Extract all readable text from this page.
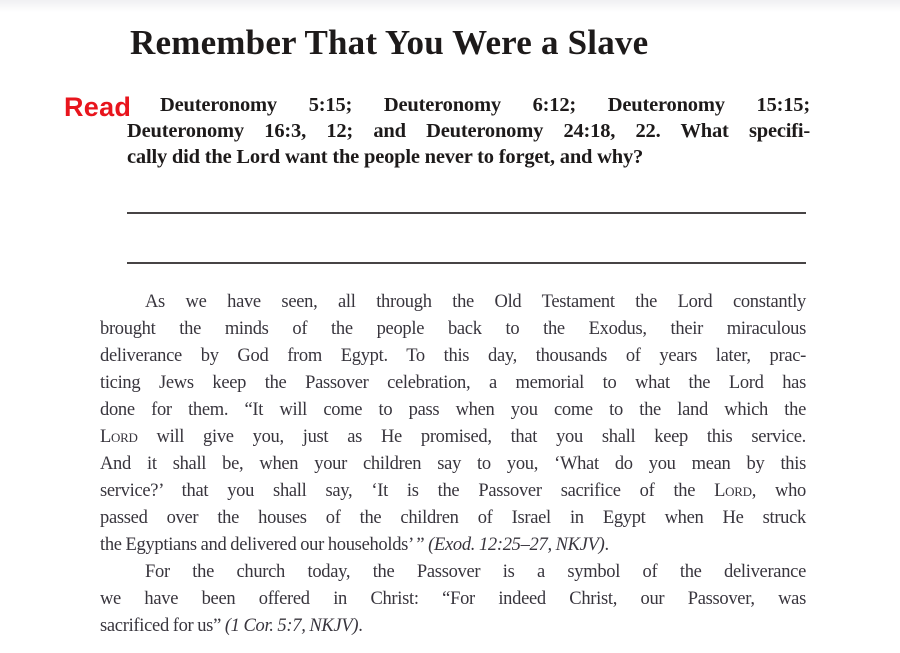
Remember That You Were a Slave
Read	Deuteronomy 5:15; Deuteronomy 6:12; Deuteronomy 15:15;
Deuteronomy 16:3, 12; and Deuteronomy 24:18, 22. What specifi-
cally did the Lord want the people never to forget, and why?
As we have seen, all through the Old Testament the Lord constantly
brought the minds of the people back to the Exodus, their miraculous
deliverance by God from Egypt. To this day, thousands of years later, prac-
ticing Jews keep the Passover celebration, a memorial to what the Lord has
done for them. “It will come to pass when you come to the land which the
Lord will give you, just as He promised, that you shall keep this service.
And it shall be, when your children say to you, ‘What do you mean by this
service?’ that you shall say, ‘It is the Passover sacrifice of the Lord, who
passed over the houses of the children of Israel in Egypt when He struck
the Egyptians and delivered our households’ ” (Exod. 12:25–27, NKJV).
For the church today, the Passover is a symbol of the deliverance
we have been offered in Christ: “For indeed Christ, our Passover, was
sacrificed for us” (1 Cor. 5:7, NKJV).
